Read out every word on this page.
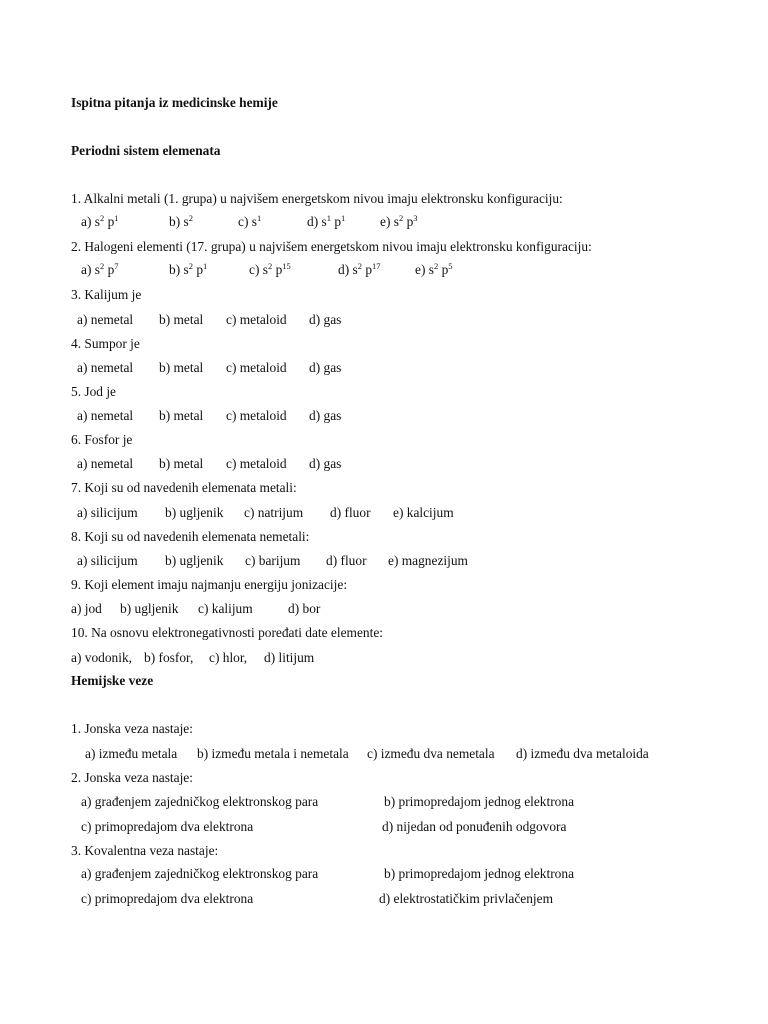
Ispitna pitanja iz medicinske hemije
Periodni sistem elemenata
1. Alkalni metali (1. grupa) u najvišem energetskom nivou imaju elektronsku konfiguraciju:
a) $s^2$ $p^1$	b) $s^2$	c) $s^1$	d) $s^1$ $p^1$	e) $s^2$ $p^3$
2. Halogeni elementi (17. grupa) u najvišem energetskom nivou imaju elektronsku konfiguraciju:
a) $s^2$ $p^7$	b) $s^2$ $p^1$	c) $s^2$ $p^{15}$	d) $s^2$ $p^{17}$	e) $s^2$ $p^5$
3. Kalijum je
a) nemetal b) metal c) metaloid d) gas
4. Sumpor je
a) nemetal b) metal c) metaloid d) gas
5. Jod je
a) nemetal b) metal c) metaloid d) gas
6. Fosfor je
a) nemetal b) metal c) metaloid d) gas
7. Koji su od navedenih elemenata metali:
a) silicijum b) ugljenik c) natrijum d) fluor e) kalcijum
8. Koji su od navedenih elemenata nemetali:
a) silicijum b) ugljenik c) barijum d) fluor e) magnezijum
9. Koji element imaju najmanju energiju jonizacije:
a) jod b) ugljenik c) kalijum	d) bor
10. Na osnovu elektronegativnosti poređati date elemente:
a) vodonik, b) fosfor, c) hlor, d) litijum
Hemijske veze
1. Jonska veza nastaje:
a) između metala b) između metala i nemetala c) između dva nemetala d) između dva metaloida
2. Jonska veza nastaje:
a) građenjem zajedničkog elektronskog para	b) primopredajom jednog elektrona
c) primopredajom dva elektrona	d) nijedan od ponuđenih odgovora
3. Kovalentna veza nastaje:
a) građenjem zajedničkog elektronskog para	b) primopredajom jednog elektrona
c) primopredajom dva elektrona	d) elektrostatičkim privlačenjem
